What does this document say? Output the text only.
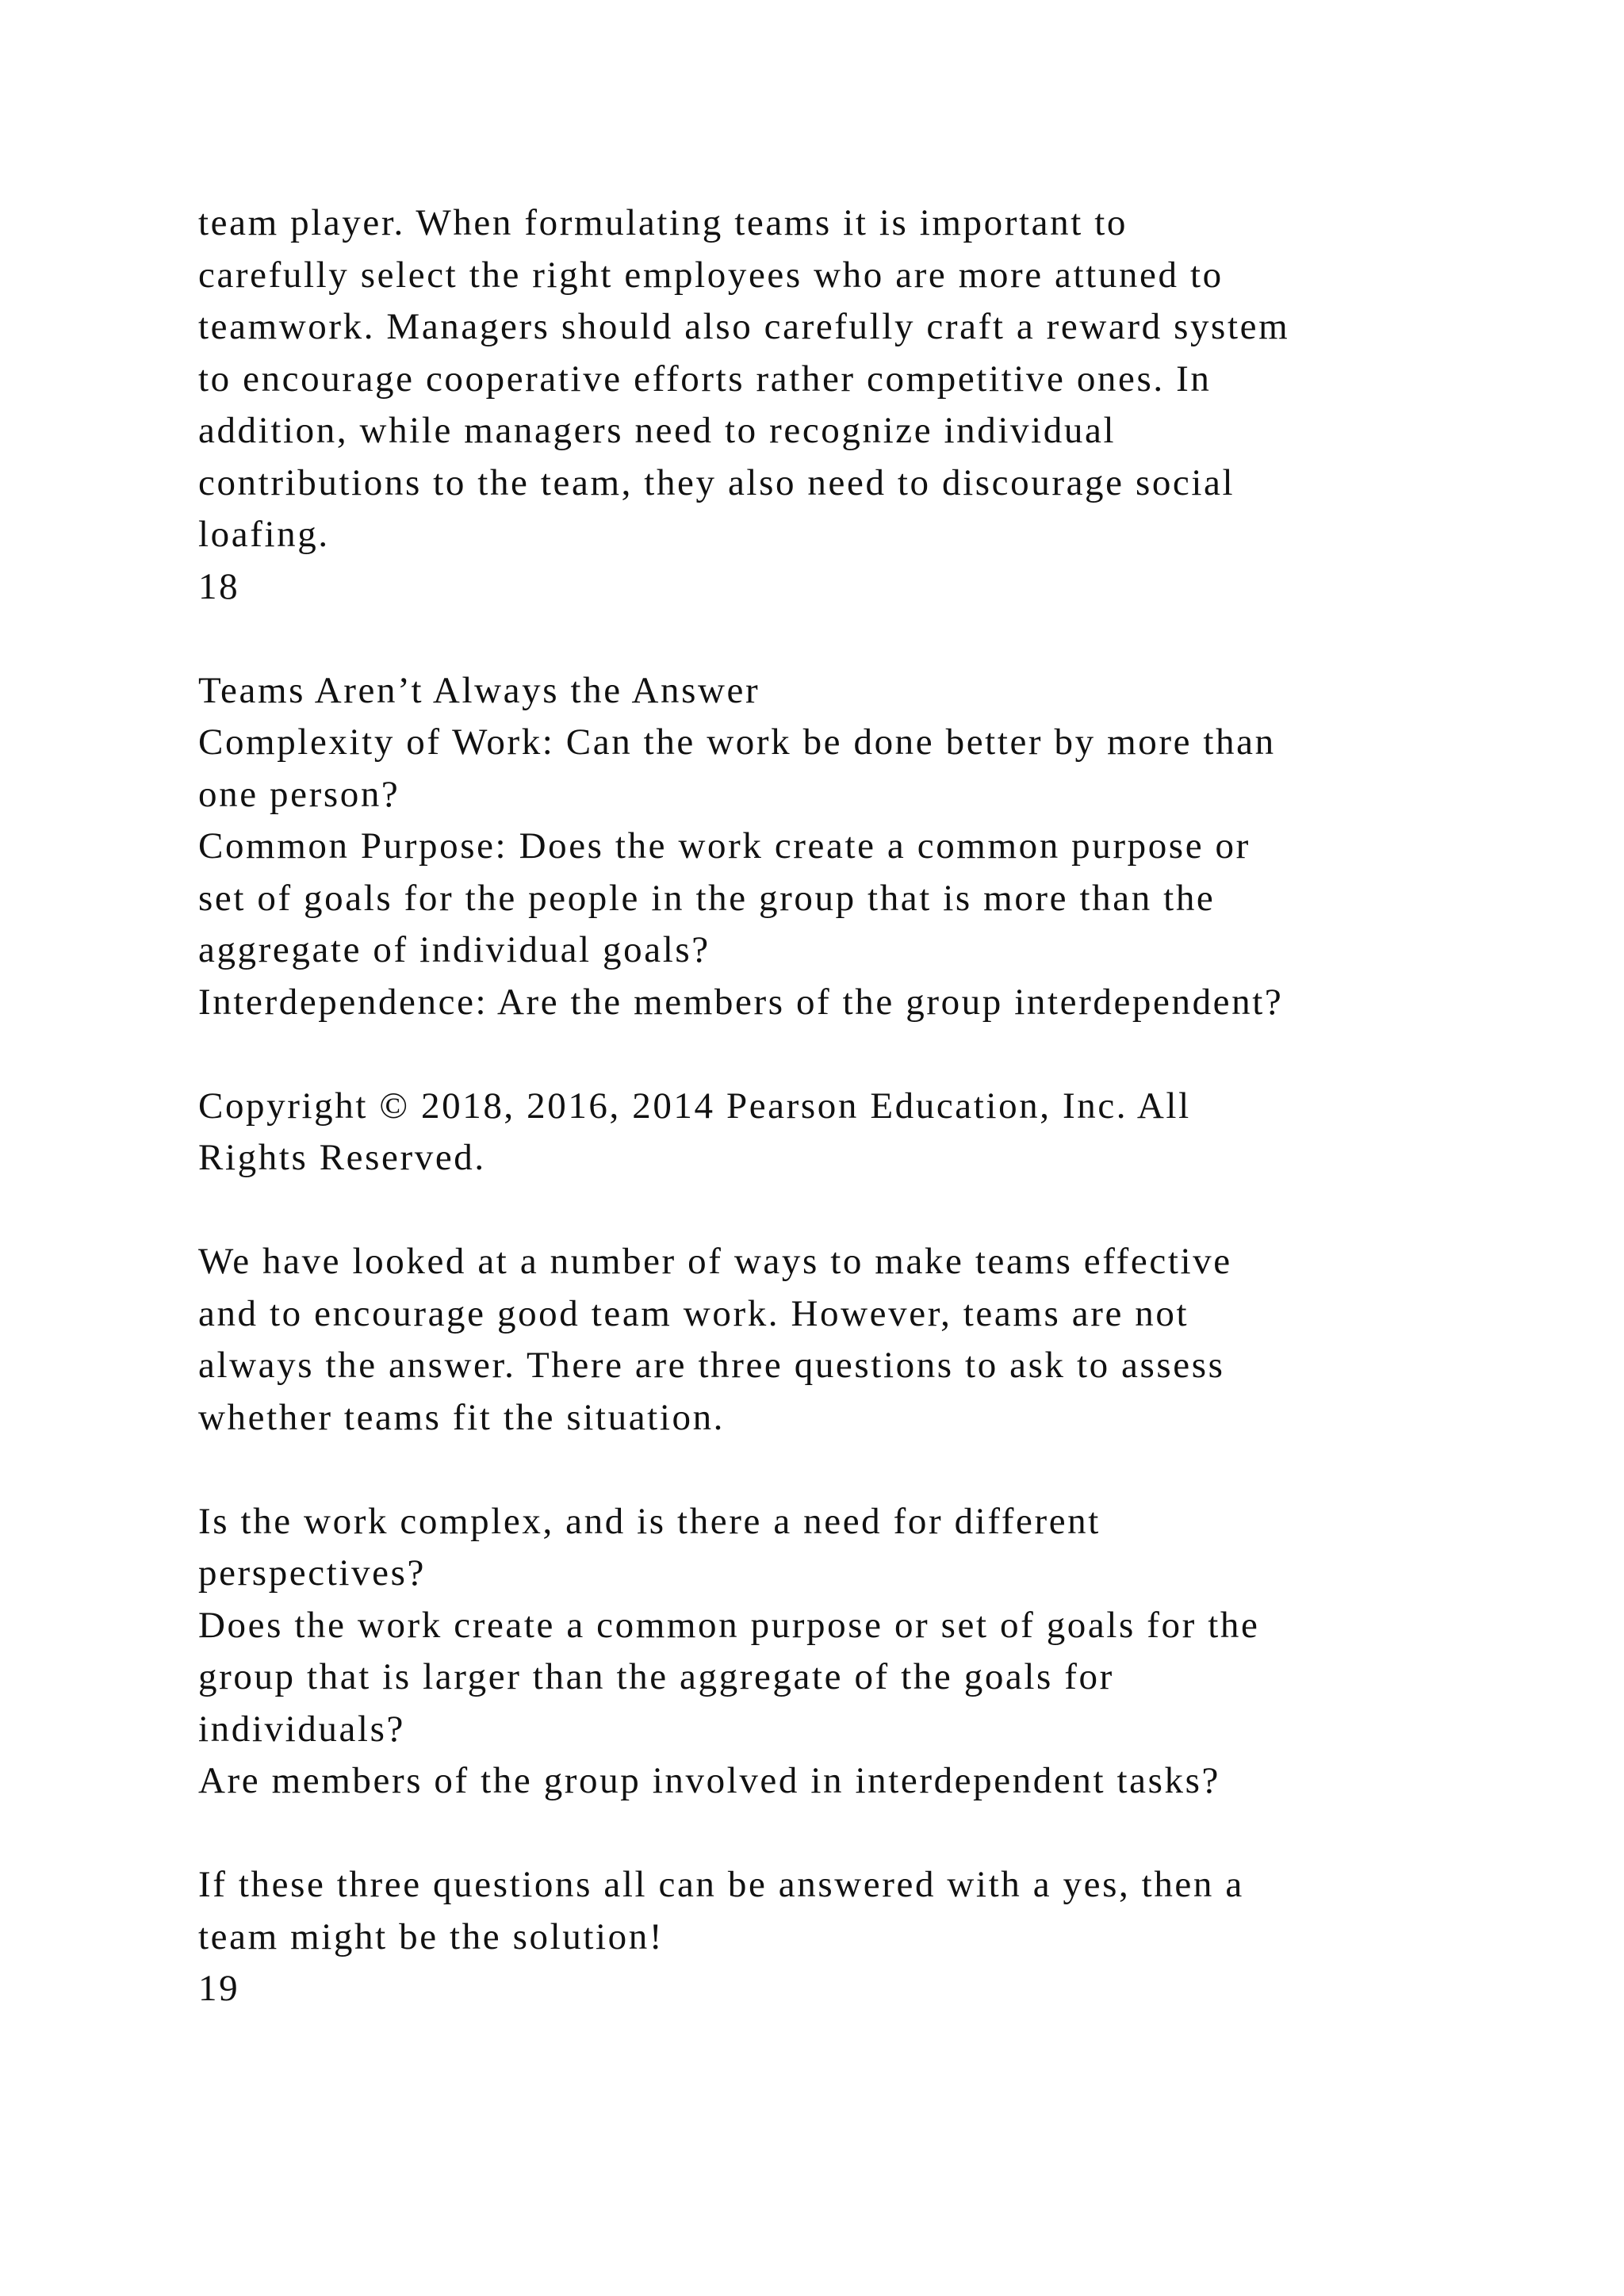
team player. When formulating teams it is important to
carefully select the right employees who are more attuned to
teamwork. Managers should also carefully craft a reward system
to encourage cooperative efforts rather competitive ones. In
addition, while managers need to recognize individual
contributions to the team, they also need to discourage social
loafing.
18
Teams Aren’t Always the Answer
Complexity of Work: Can the work be done better by more than
one person?
Common Purpose: Does the work create a common purpose or
set of goals for the people in the group that is more than the
aggregate of individual goals?
Interdependence: Are the members of the group interdependent?
Copyright © 2018, 2016, 2014 Pearson Education, Inc. All
Rights Reserved.
We have looked at a number of ways to make teams effective
and to encourage good team work. However, teams are not
always the answer. There are three questions to ask to assess
whether teams fit the situation.
Is the work complex, and is there a need for different
perspectives?
Does the work create a common purpose or set of goals for the
group that is larger than the aggregate of the goals for
individuals?
Are members of the group involved in interdependent tasks?
If these three questions all can be answered with a yes, then a
team might be the solution!
19
